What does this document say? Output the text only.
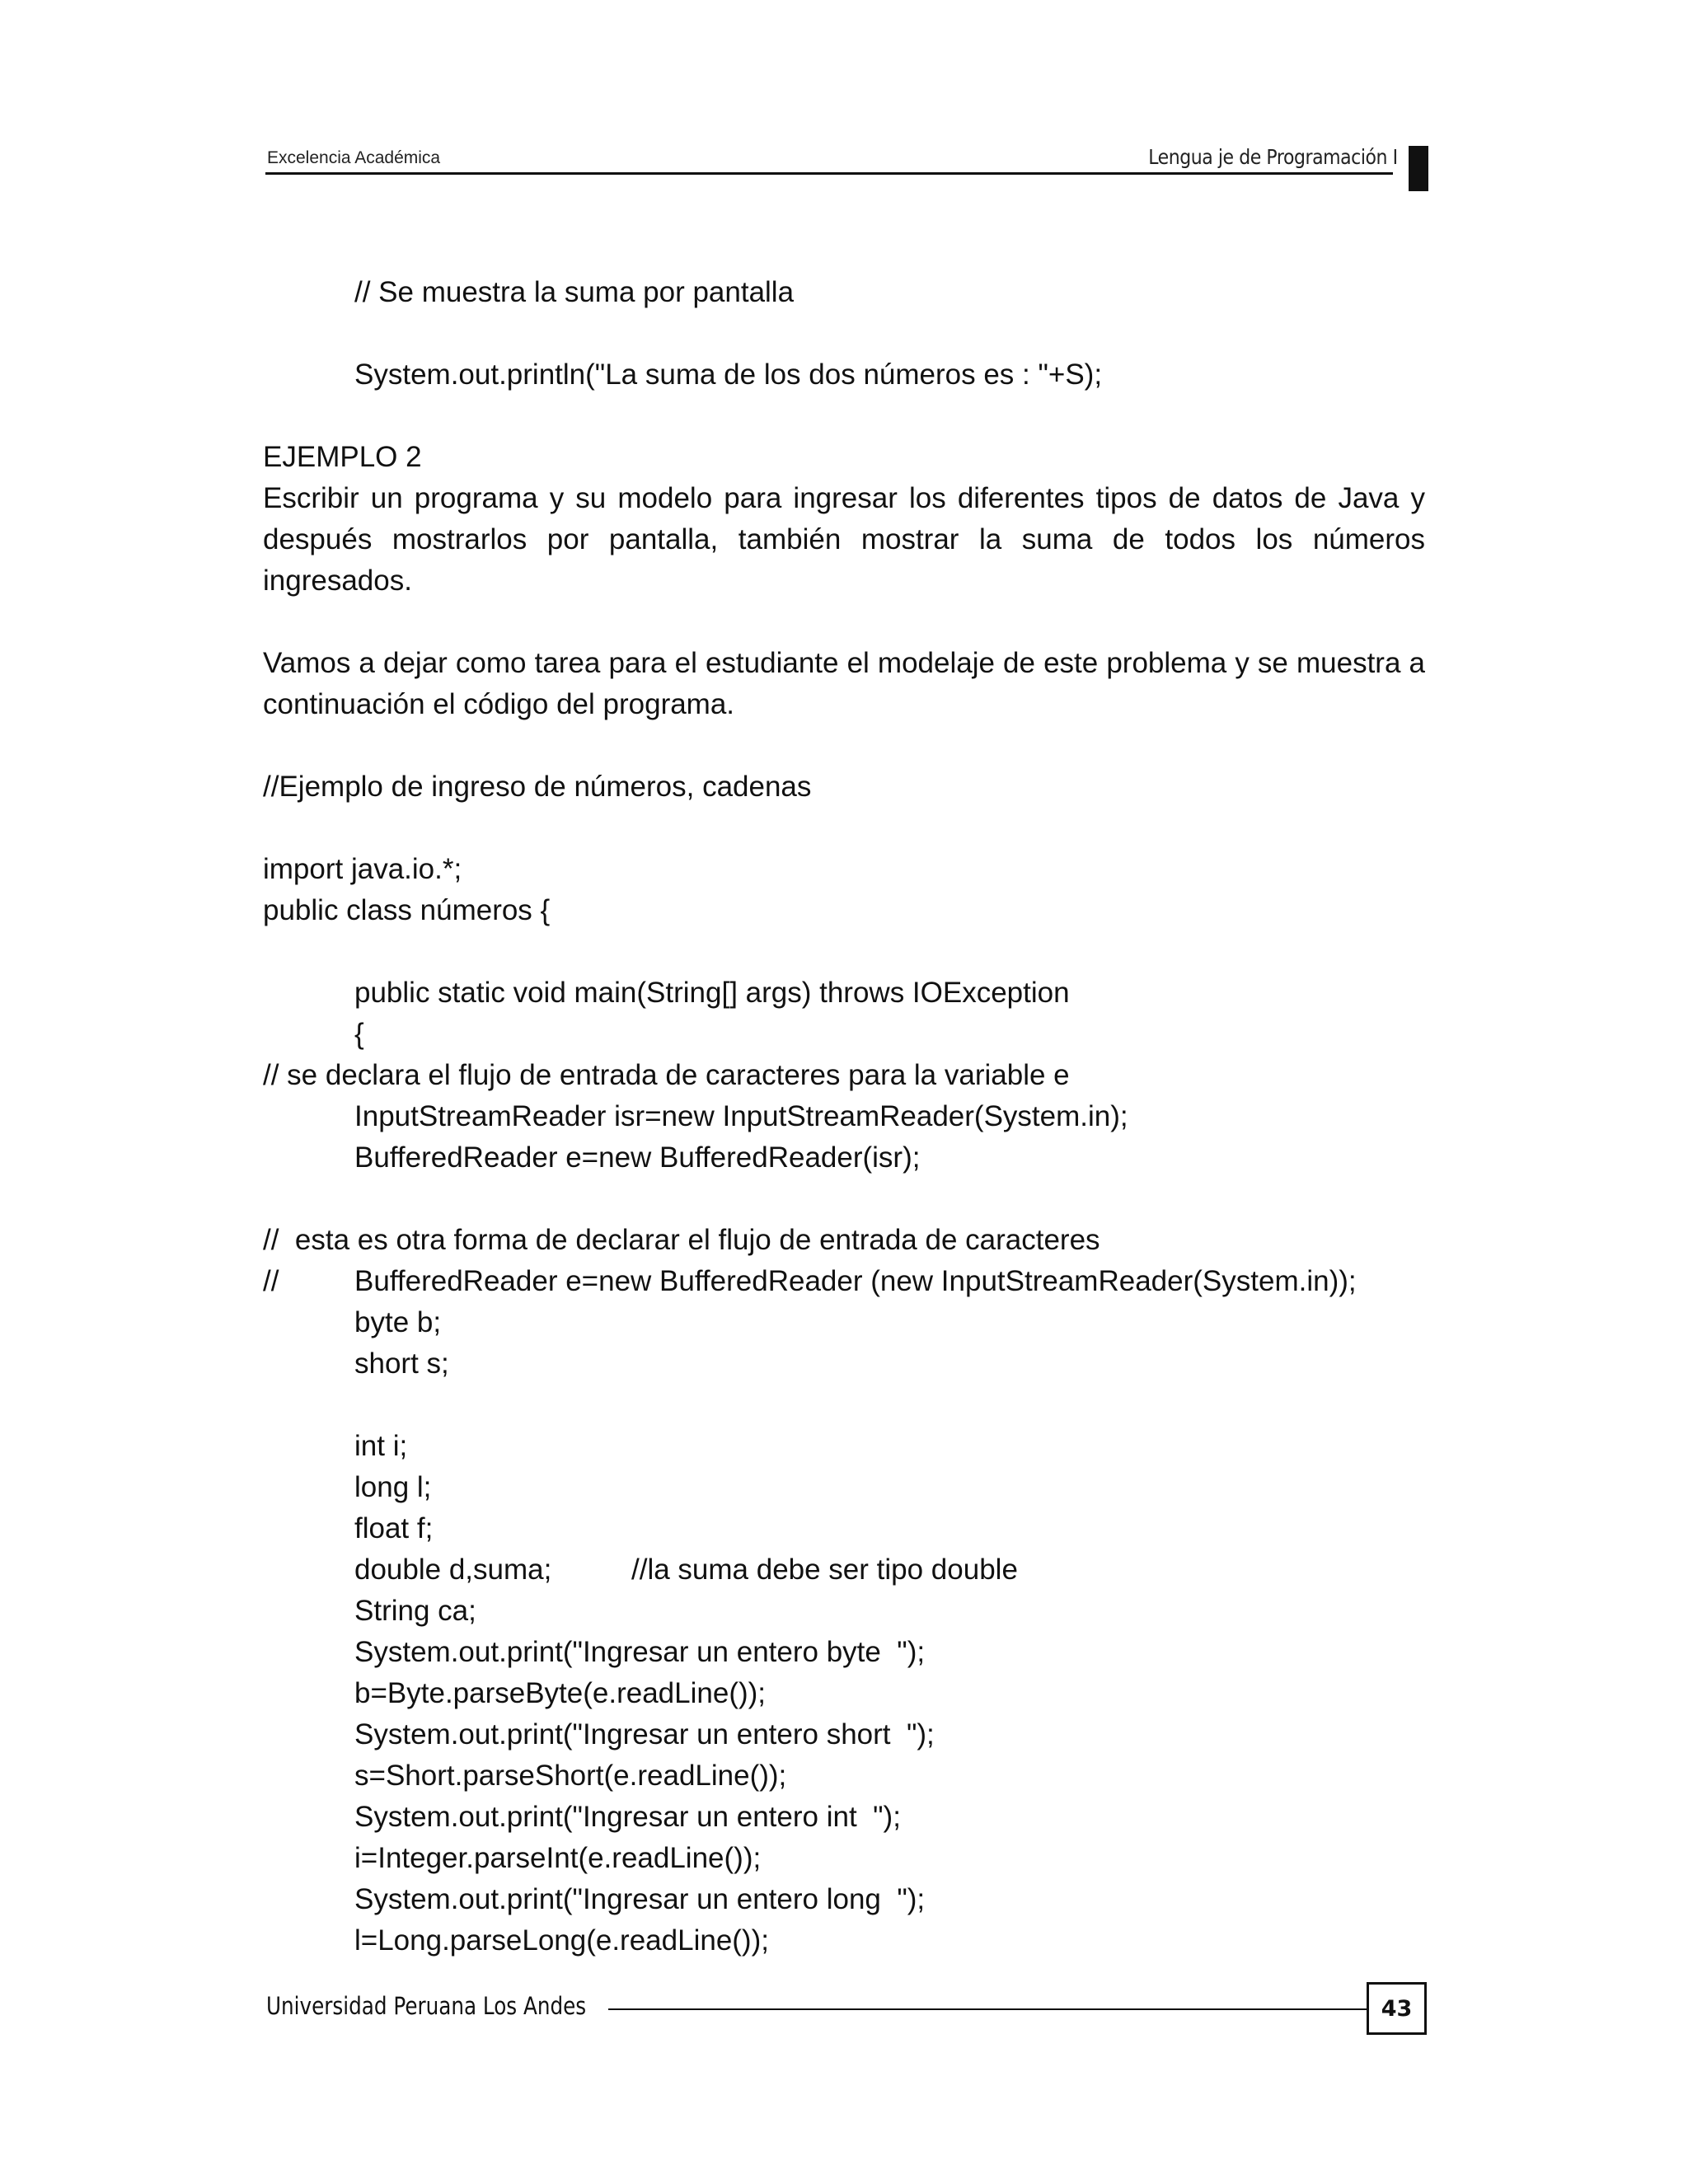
Excelencia Académica	Lengua je de Programación I
// Se muestra la suma por pantalla
System.out.println("La suma de los dos números es : "+S);
EJEMPLO 2
Escribir un programa y su modelo para ingresar los diferentes tipos de datos de Java y
después mostrarlos por pantalla, también mostrar la suma de todos los números
ingresados.
Vamos a dejar como tarea para el estudiante el modelaje de este problema y se muestra a
continuación el código del programa.
//Ejemplo de ingreso de números, cadenas
import java.io.*;
public class números {
public static void main(String[] args) throws IOException
{
// se declara el flujo de entrada de caracteres para la variable e
InputStreamReader isr=new InputStreamReader(System.in);
BufferedReader e=new BufferedReader(isr);
//  esta es otra forma de declarar el flujo de entrada de caracteres
//	BufferedReader e=new BufferedReader (new InputStreamReader(System.in));
byte b;
short s;
int i;
long l;
float f;
double d,suma;	//la suma debe ser tipo double
String ca;
System.out.print("Ingresar un entero byte  ");
b=Byte.parseByte(e.readLine());
System.out.print("Ingresar un entero short  ");
s=Short.parseShort(e.readLine());
System.out.print("Ingresar un entero int  ");
i=Integer.parseInt(e.readLine());
System.out.print("Ingresar un entero long  ");
l=Long.parseLong(e.readLine());
Universidad Peruana Los Andes	43
